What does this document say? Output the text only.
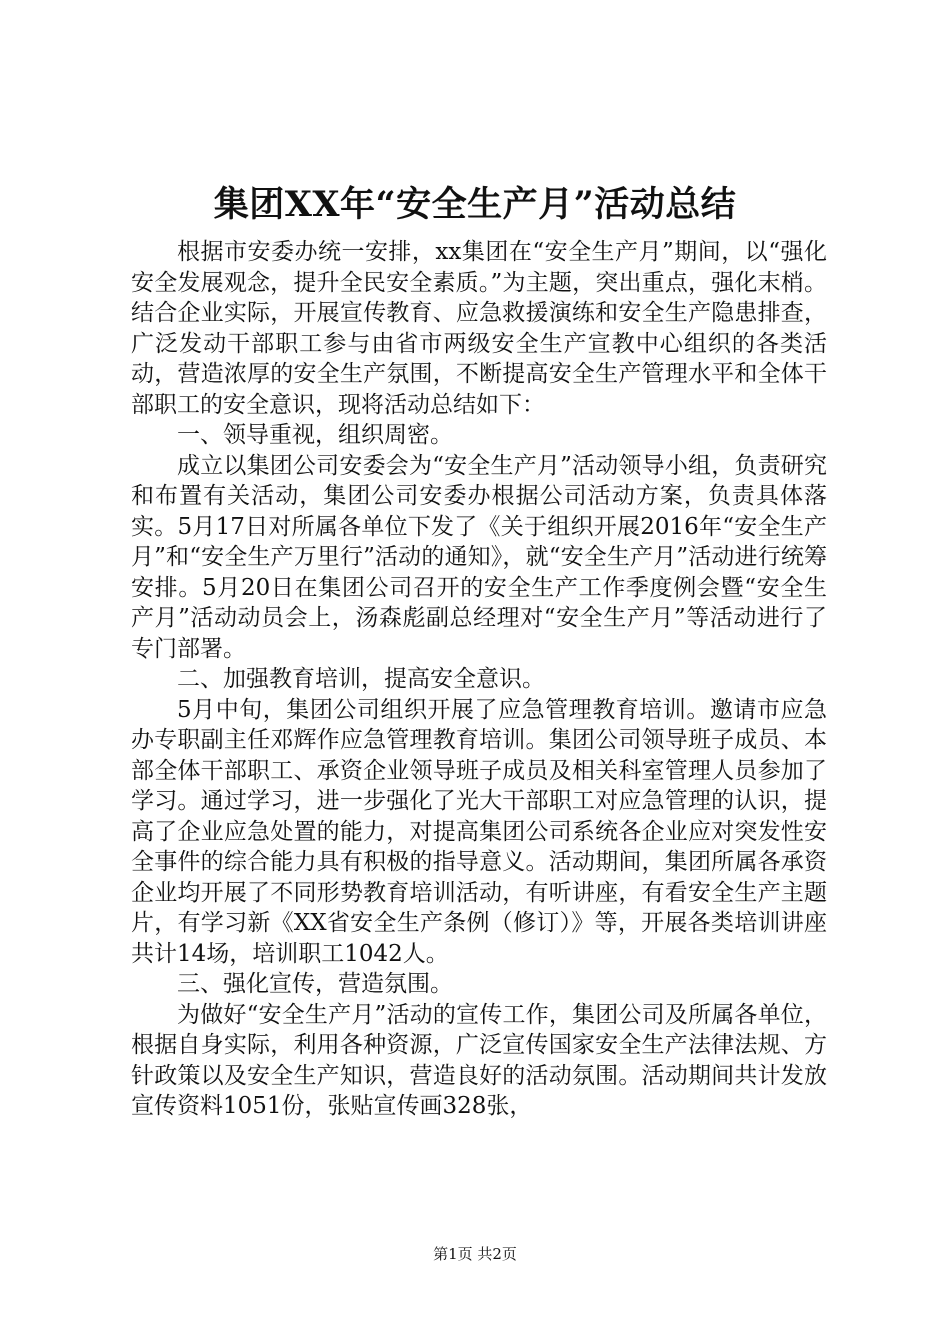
集团XX年“安全生产月”活动总结

根据市安委办统一安排，xx集团在“安全生产月”期间，以“强化安全发展观念，提升全民安全素质。”为主题，突出重点，强化末梢。结合企业实际，开展宣传教育、应急救援演练和安全生产隐患排查，广泛发动干部职工参与由省市两级安全生产宣教中心组织的各类活动，营造浓厚的安全生产氛围，不断提高安全生产管理水平和全体干部职工的安全意识，现将活动总结如下：

一、领导重视，组织周密。

成立以集团公司安委会为“安全生产月”活动领导小组，负责研究和布置有关活动，集团公司安委办根据公司活动方案，负责具体落实。5月17日对所属各单位下发了《关于组织开展2016年“安全生产月”和“安全生产万里行”活动的通知》，就“安全生产月”活动进行统筹安排。5月20日在集团公司召开的安全生产工作季度例会暨“安全生产月”活动动员会上，汤森彪副总经理对“安全生产月”等活动进行了专门部署。

二、加强教育培训，提高安全意识。

5月中旬，集团公司组织开展了应急管理教育培训。邀请市应急办专职副主任邓辉作应急管理教育培训。集团公司领导班子成员、本部全体干部职工、承资企业领导班子成员及相关科室管理人员参加了学习。通过学习，进一步强化了光大干部职工对应急管理的认识，提高了企业应急处置的能力，对提高集团公司系统各企业应对突发性安全事件的综合能力具有积极的指导意义。活动期间，集团所属各承资企业均开展了不同形势教育培训活动，有听讲座，有看安全生产主题片，有学习新《XX省安全生产条例（修订）》等，开展各类培训讲座共计14场，培训职工1042人。

三、强化宣传，营造氛围。

为做好“安全生产月”活动的宣传工作，集团公司及所属各单位，根据自身实际，利用各种资源，广泛宣传国家安全生产法律法规、方针政策以及安全生产知识，营造良好的活动氛围。活动期间共计发放宣传资料1051份，张贴宣传画328张，

第1页 共2页
